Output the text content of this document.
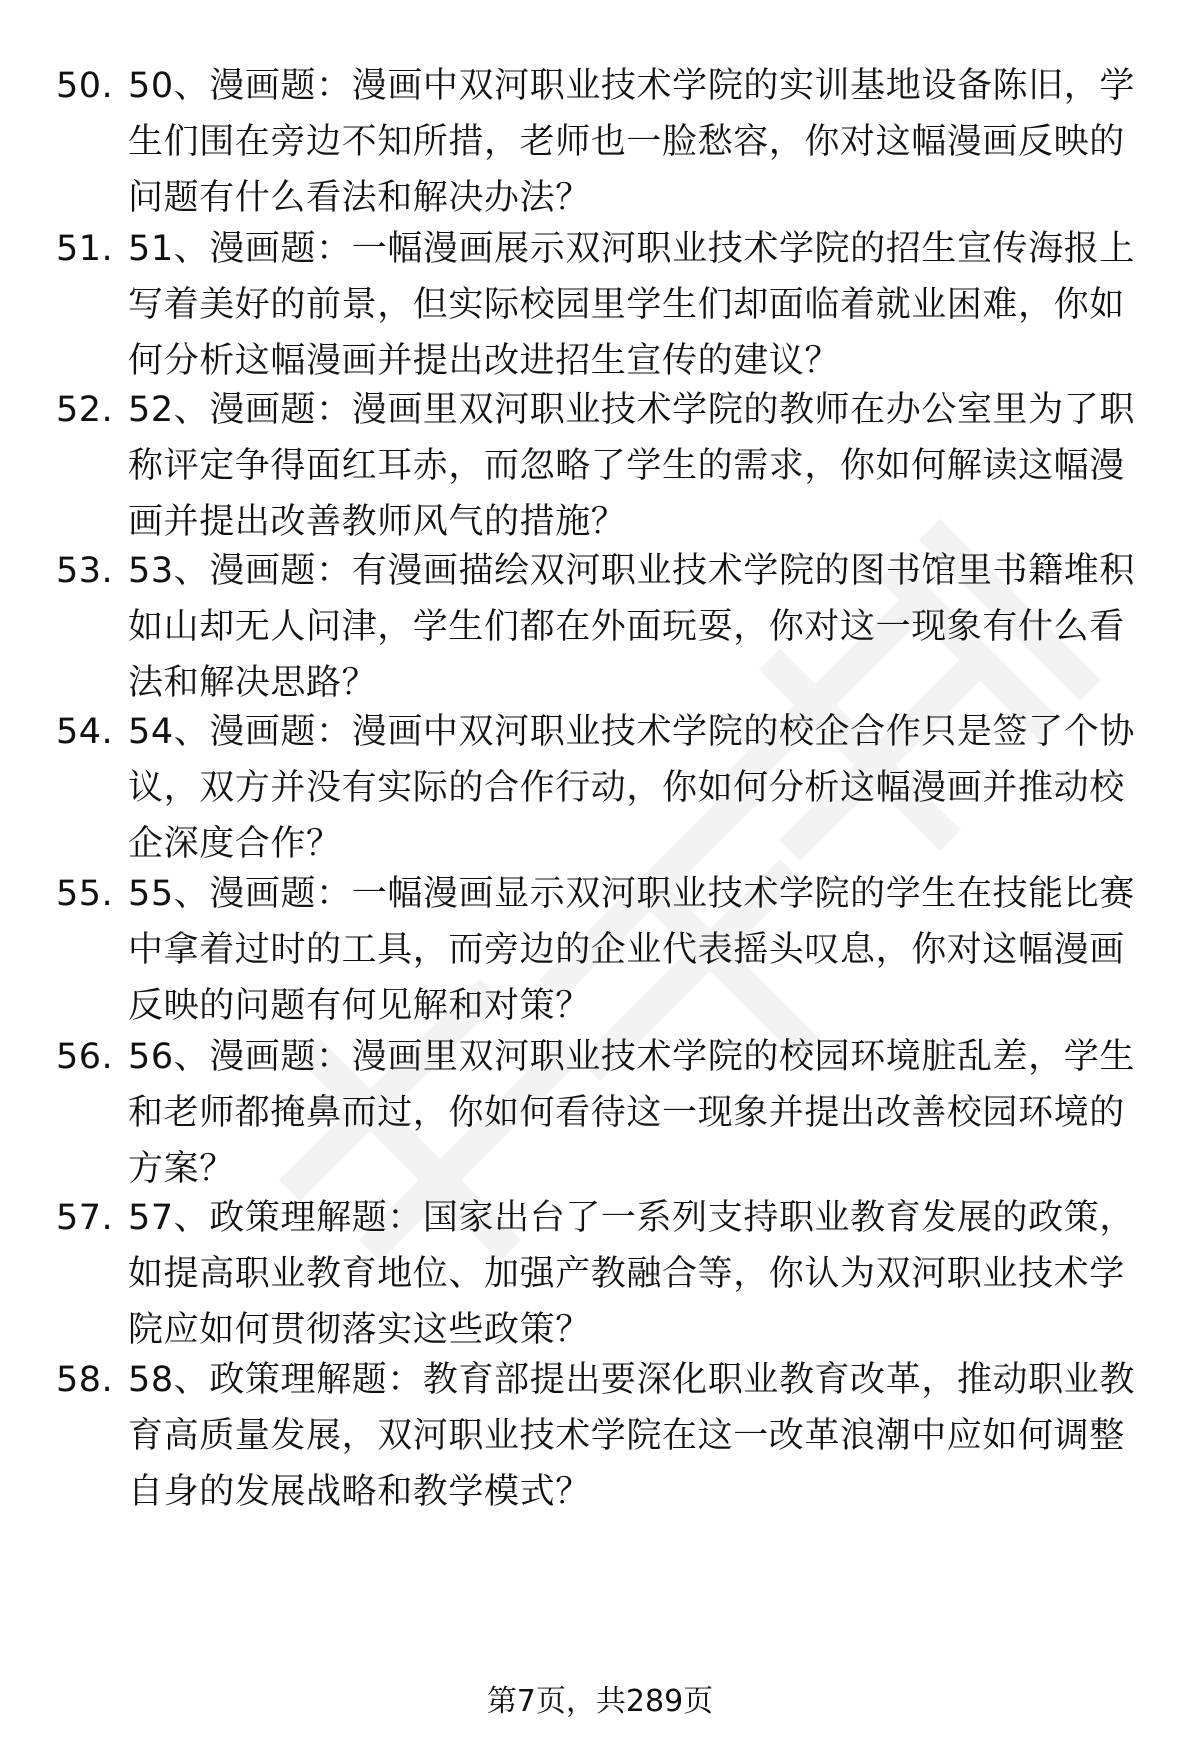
50. 50、漫画题：漫画中双河职业技术学院的实训基地设备陈旧，学生们围在旁边不知所措，老师也一脸愁容，你对这幅漫画反映的问题有什么看法和解决办法？
51. 51、漫画题：一幅漫画展示双河职业技术学院的招生宣传海报上写着美好的前景，但实际校园里学生们却面临着就业困难，你如何分析这幅漫画并提出改进招生宣传的建议？
52. 52、漫画题：漫画里双河职业技术学院的教师在办公室里为了职称评定争得面红耳赤，而忽略了学生的需求，你如何解读这幅漫画并提出改善教师风气的措施？
53. 53、漫画题：有漫画描绘双河职业技术学院的图书馆里书籍堆积如山却无人问津，学生们都在外面玩耍，你对这一现象有什么看法和解决思路？
54. 54、漫画题：漫画中双河职业技术学院的校企合作只是签了个协议，双方并没有实际的合作行动，你如何分析这幅漫画并推动校企深度合作？
55. 55、漫画题：一幅漫画显示双河职业技术学院的学生在技能比赛中拿着过时的工具，而旁边的企业代表摇头叹息，你对这幅漫画反映的问题有何见解和对策？
56. 56、漫画题：漫画里双河职业技术学院的校园环境脏乱差，学生和老师都掩鼻而过，你如何看待这一现象并提出改善校园环境的方案？
57. 57、政策理解题：国家出台了一系列支持职业教育发展的政策，如提高职业教育地位、加强产教融合等，你认为双河职业技术学院应如何贯彻落实这些政策？
58. 58、政策理解题：教育部提出要深化职业教育改革，推动职业教育高质量发展，双河职业技术学院在这一改革浪潮中应如何调整自身的发展战略和教学模式？
第7页，共289页
